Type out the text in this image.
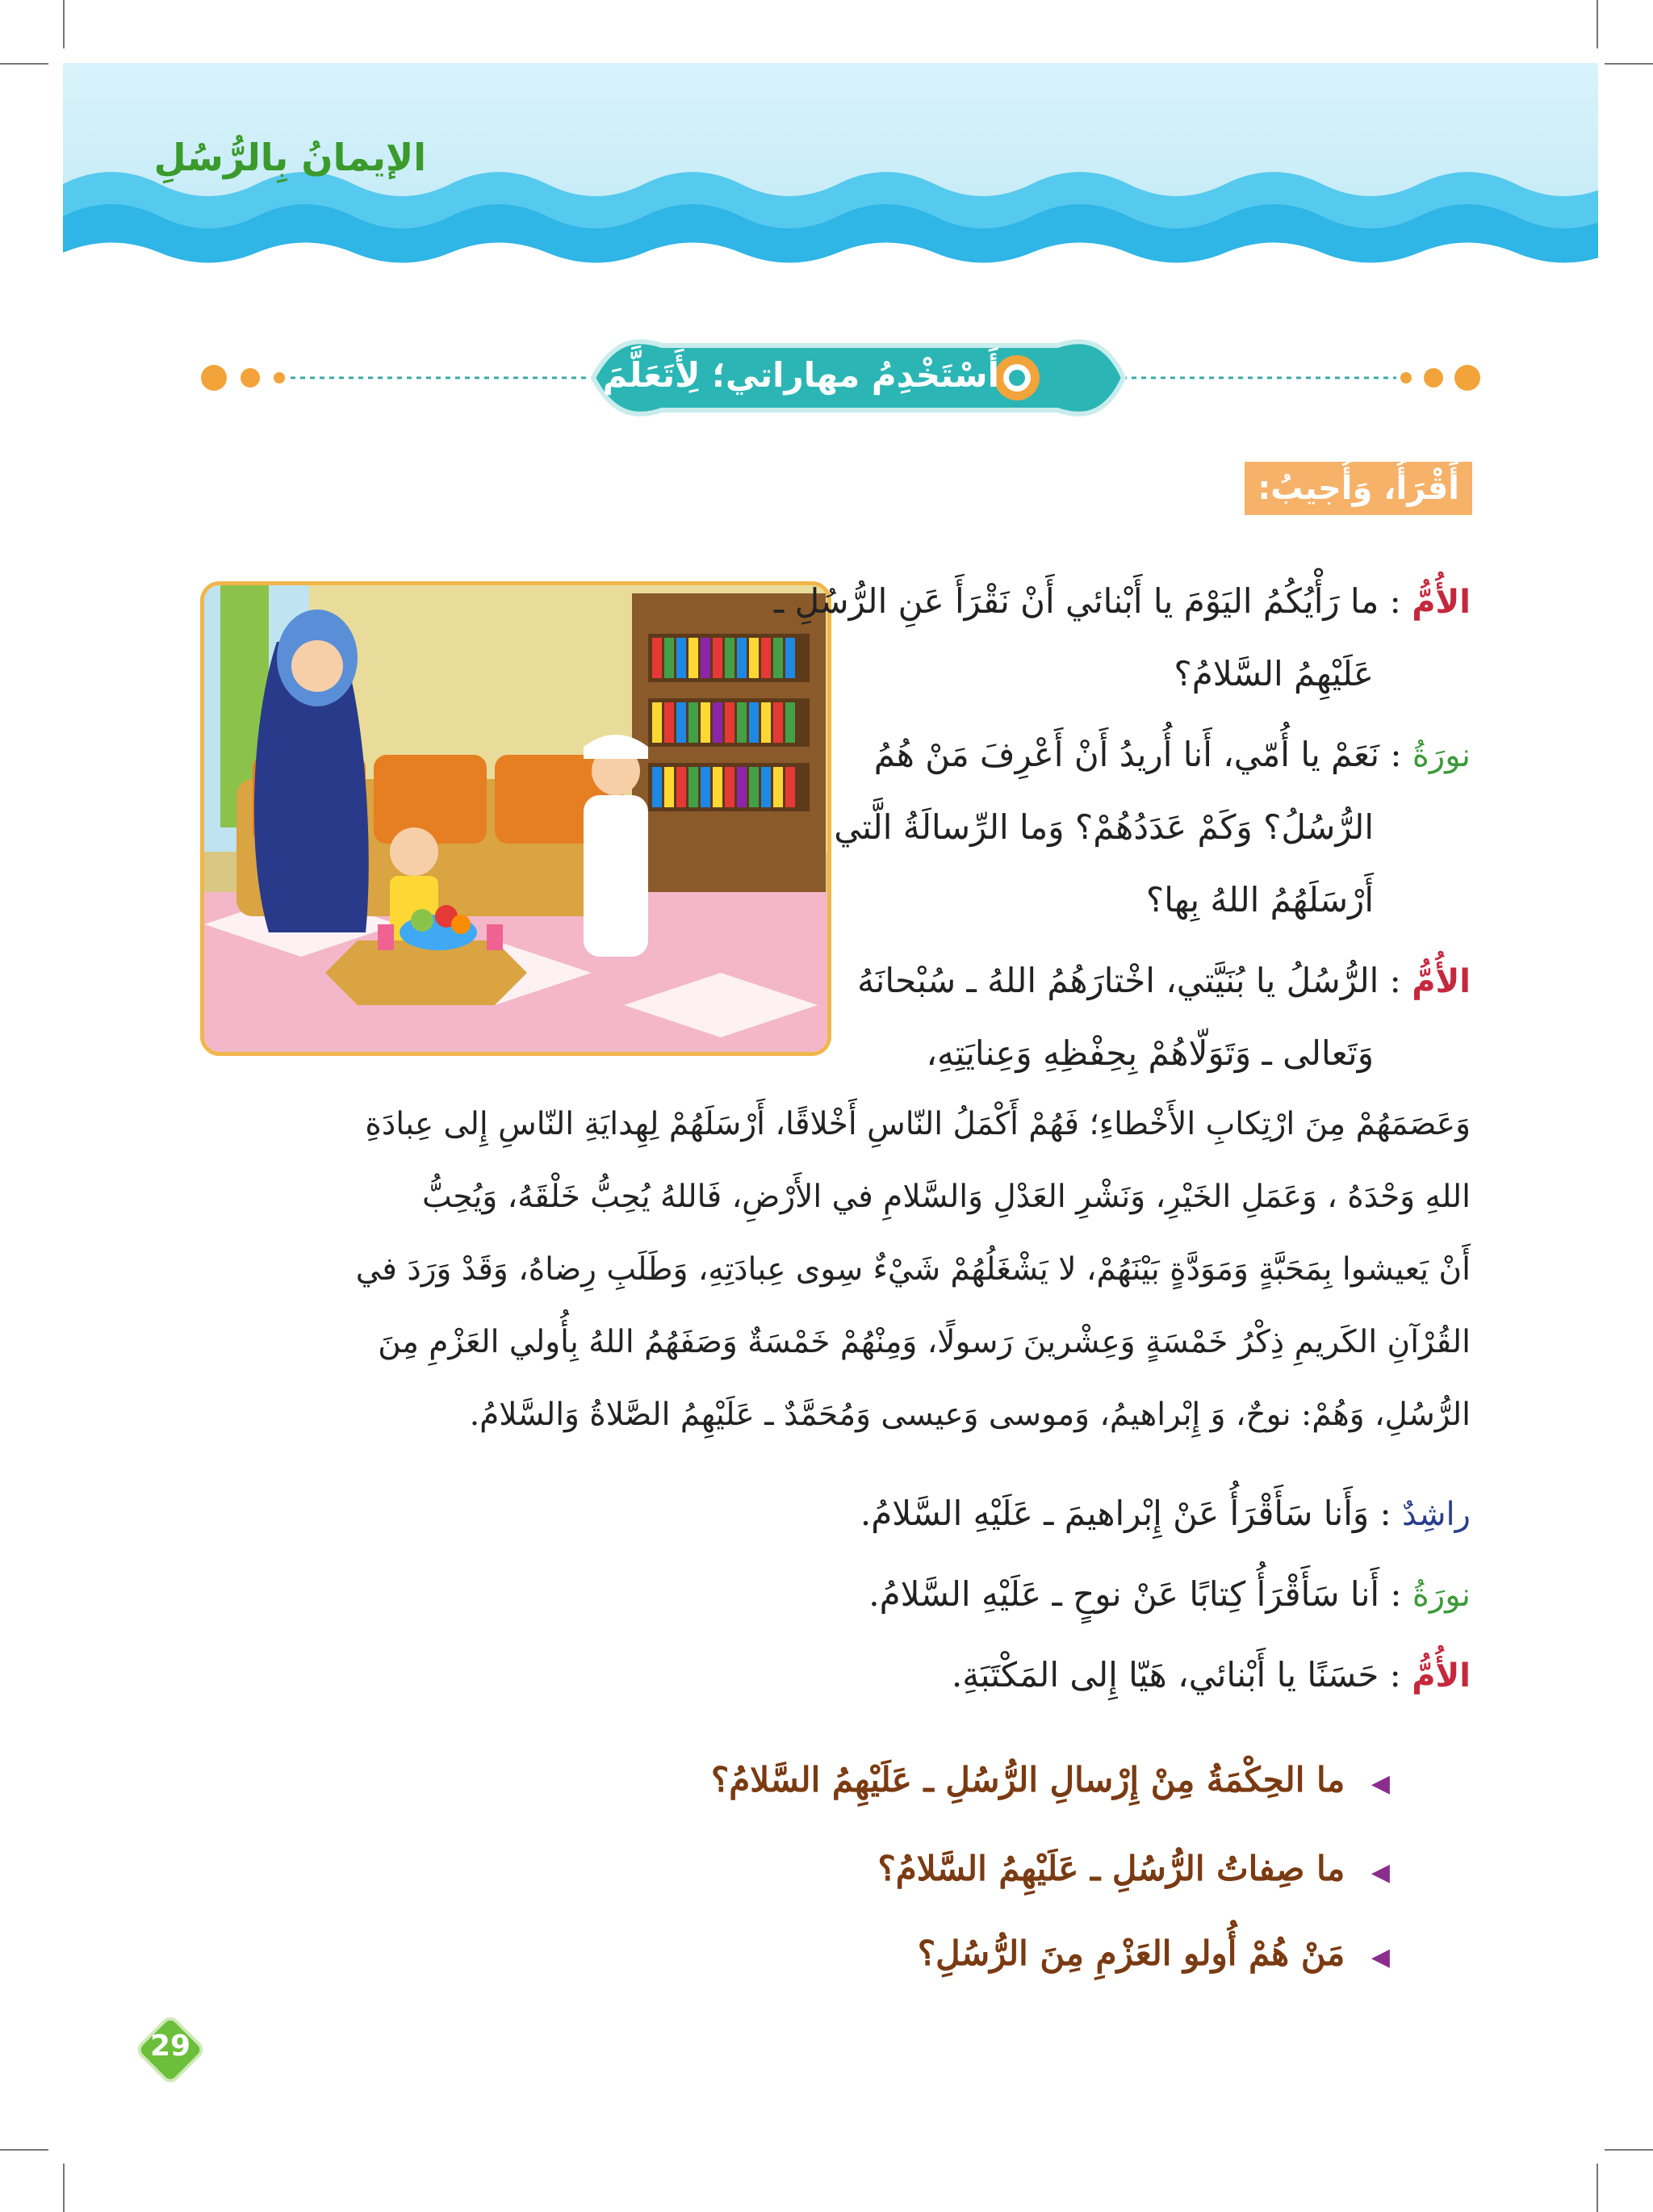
الإيمانُ بِالرُّسُلِ
أَسْتَخْدِمُ مهاراتي؛ لِأَتَعَلَّمَ
أَقْرَأُ، وَأُجيبُ:
الأُمُّ : ما رَأْيُكُمُ اليَوْمَ يا أَبْنائي أَنْ نَقْرَأَ عَنِ الرُّسُلِ ـ
عَلَيْهِمُ السَّلامُ؟
نورَةُ : نَعَمْ يا أُمّي، أَنا أُريدُ أَنْ أَعْرِفَ مَنْ هُمُ
الرُّسُلُ؟ وَكَمْ عَدَدُهُمْ؟ وَما الرِّسالَةُ الَّتي
أَرْسَلَهُمُ اللهُ بِها؟
الأُمُّ : الرُّسُلُ يا بُنَيَّتي، اخْتارَهُمُ اللهُ ـ سُبْحانَهُ
وَتَعالى ـ وَتَوَلّاهُمْ بِحِفْظِهِ وَعِنايَتِهِ،
وَعَصَمَهُمْ مِنَ ارْتِكابِ الأَخْطاءِ؛ فَهُمْ أَكْمَلُ النّاسِ أَخْلاقًا، أَرْسَلَهُمْ لِهِدايَةِ النّاسِ إِلى عِبادَةِ
اللهِ وَحْدَهُ ، وَعَمَلِ الخَيْرِ، وَنَشْرِ العَدْلِ وَالسَّلامِ في الأَرْضِ، فَاللهُ يُحِبُّ خَلْقَهُ، وَيُحِبُّ
أَنْ يَعيشوا بِمَحَبَّةٍ وَمَوَدَّةٍ بَيْنَهُمْ، لا يَشْغَلُهُمْ شَيْءٌ سِوى عِبادَتِهِ، وَطَلَبِ رِضاهُ، وَقَدْ وَرَدَ في
القُرْآنِ الكَريمِ ذِكْرُ خَمْسَةٍ وَعِشْرينَ رَسولًا، وَمِنْهُمْ خَمْسَةٌ وَصَفَهُمُ اللهُ بِأُولي العَزْمِ مِنَ
الرُّسُلِ، وَهُمْ: نوحٌ، وَ إِبْراهيمُ، وَموسى وَعيسى وَمُحَمَّدٌ ـ عَلَيْهِمُ الصَّلاةُ وَالسَّلامُ.
راشِدٌ : وَأَنا سَأَقْرَأُ عَنْ إِبْراهيمَ ـ عَلَيْهِ السَّلامُ.
نورَةُ : أَنا سَأَقْرَأُ كِتابًا عَنْ نوحٍ ـ عَلَيْهِ السَّلامُ.
الأُمُّ : حَسَنًا يا أَبْنائي، هَيّا إِلى المَكْتَبَةِ.
◀ ما الحِكْمَةُ مِنْ إِرْسالِ الرُّسُلِ ـ عَلَيْهِمُ السَّلامُ؟
◀ ما صِفاتُ الرُّسُلِ ـ عَلَيْهِمُ السَّلامُ؟
◀ مَنْ هُمْ أُولو العَزْمِ مِنَ الرُّسُلِ؟
29
